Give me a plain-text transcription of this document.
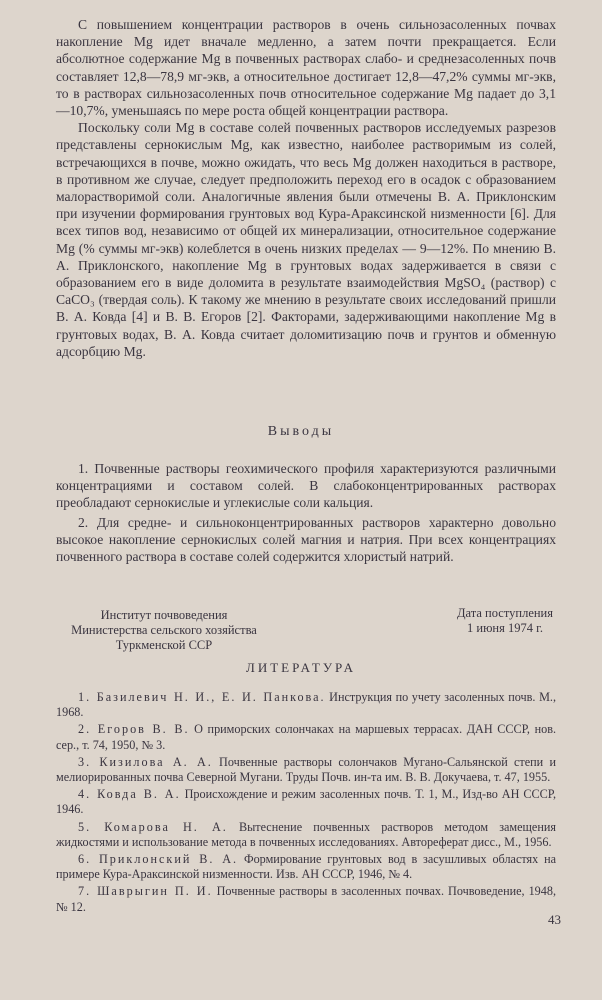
С повышением концентрации растворов в очень сильнозасоленных почвах накопление Mg идет вначале медленно, а затем почти прекращается. Если абсолютное содержание Mg в почвенных растворах слабо- и среднезасоленных почв составляет 12,8—78,9 мг-экв, а относительное достигает 12,8—47,2% суммы мг-экв, то в растворах сильнозасоленных почв относительное содержание Mg падает до 3,1—10,7%, уменьшаясь по мере роста общей концентрации раствора.

Поскольку соли Mg в составе солей почвенных растворов исследуемых разрезов представлены сернокислым Mg, как известно, наиболее растворимым из солей, встречающихся в почве, можно ожидать, что весь Mg должен находиться в растворе, в противном же случае, следует предположить переход его в осадок с образованием малорастворимой соли. Аналогичные явления были отмечены В. А. Приклонским при изучении формирования грунтовых вод Кура-Араксинской низменности [6]. Для всех типов вод, независимо от общей их минерализации, относительное содержание Mg (% суммы мг-экв) колеблется в очень низких пределах — 9—12%. По мнению В. А. Приклонского, накопление Mg в грунтовых водах задерживается в связи с образованием его в виде доломита в результате взаимодействия MgSO₄ (раствор) с CaCO₃ (твердая соль). К такому же мнению в результате своих исследований пришли В. А. Ковда [4] и В. В. Егоров [2]. Факторами, задерживающими накопление Mg в грунтовых водах, В. А. Ковда считает доломитизацию почв и грунтов и обменную адсорбцию Mg.

Выводы

1. Почвенные растворы геохимического профиля характеризуются различными концентрациями и составом солей. В слабоконцентрированных растворах преобладают сернокислые и углекислые соли кальция.

2. Для средне- и сильноконцентрированных растворов характерно довольно высокое накопление сернокислых солей магния и натрия. При всех концентрациях почвенного раствора в составе солей содержится хлористый натрий.

Институт почвоведения
Министерства сельского хозяйства
Туркменской ССР
Дата поступления
1 июня 1974 г.
ЛИТЕРАТУРА

1. Базилевич Н. И., Е. И. Панкова. Инструкция по учету засоленных почв. М., 1968.

2. Егоров В. В. О приморских солончаках на маршевых террасах. ДАН СССР, нов. сер., т. 74, 1950, № 3.

3. Кизилова А. А. Почвенные растворы солончаков Мугано-Сальянской степи и мелиорированных почва Северной Мугани. Труды Почв. ин-та им. В. В. Докучаева, т. 47, 1955.

4. Ковда В. А. Происхождение и режим засоленных почв. Т. 1, М., Изд-во АН СССР, 1946.

5. Комарова Н. А. Вытеснение почвенных растворов методом замещения жидкостями и использование метода в почвенных исследованиях. Автореферат дисс., М., 1956.

6. Приклонский В. А. Формирование грунтовых вод в засушливых областях на примере Кура-Араксинской низменности. Изв. АН СССР, 1946, № 4.

7. Шаврыгин П. И. Почвенные растворы в засоленных почвах. Почвоведение, 1948, № 12.

43
